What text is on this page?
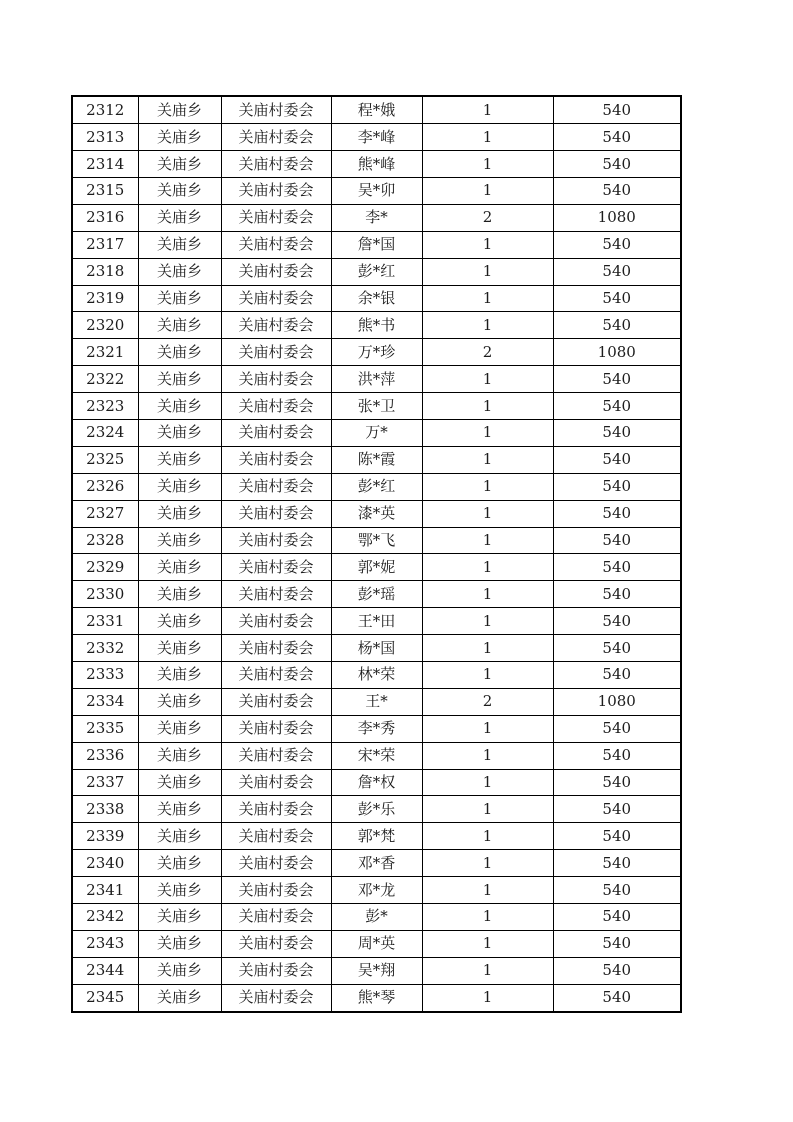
2312	关庙乡	关庙村委会	程*娥	1	540
2313	关庙乡	关庙村委会	李*峰	1	540
2314	关庙乡	关庙村委会	熊*峰	1	540
2315	关庙乡	关庙村委会	吴*卯	1	540
2316	关庙乡	关庙村委会	李*	2	1080
2317	关庙乡	关庙村委会	詹*国	1	540
2318	关庙乡	关庙村委会	彭*红	1	540
2319	关庙乡	关庙村委会	余*银	1	540
2320	关庙乡	关庙村委会	熊*书	1	540
2321	关庙乡	关庙村委会	万*珍	2	1080
2322	关庙乡	关庙村委会	洪*萍	1	540
2323	关庙乡	关庙村委会	张*卫	1	540
2324	关庙乡	关庙村委会	万*	1	540
2325	关庙乡	关庙村委会	陈*霞	1	540
2326	关庙乡	关庙村委会	彭*红	1	540
2327	关庙乡	关庙村委会	漆*英	1	540
2328	关庙乡	关庙村委会	鄂*飞	1	540
2329	关庙乡	关庙村委会	郭*妮	1	540
2330	关庙乡	关庙村委会	彭*瑶	1	540
2331	关庙乡	关庙村委会	王*田	1	540
2332	关庙乡	关庙村委会	杨*国	1	540
2333	关庙乡	关庙村委会	林*荣	1	540
2334	关庙乡	关庙村委会	王*	2	1080
2335	关庙乡	关庙村委会	李*秀	1	540
2336	关庙乡	关庙村委会	宋*荣	1	540
2337	关庙乡	关庙村委会	詹*权	1	540
2338	关庙乡	关庙村委会	彭*乐	1	540
2339	关庙乡	关庙村委会	郭*梵	1	540
2340	关庙乡	关庙村委会	邓*香	1	540
2341	关庙乡	关庙村委会	邓*龙	1	540
2342	关庙乡	关庙村委会	彭*	1	540
2343	关庙乡	关庙村委会	周*英	1	540
2344	关庙乡	关庙村委会	吴*翔	1	540
2345	关庙乡	关庙村委会	熊*琴	1	540
